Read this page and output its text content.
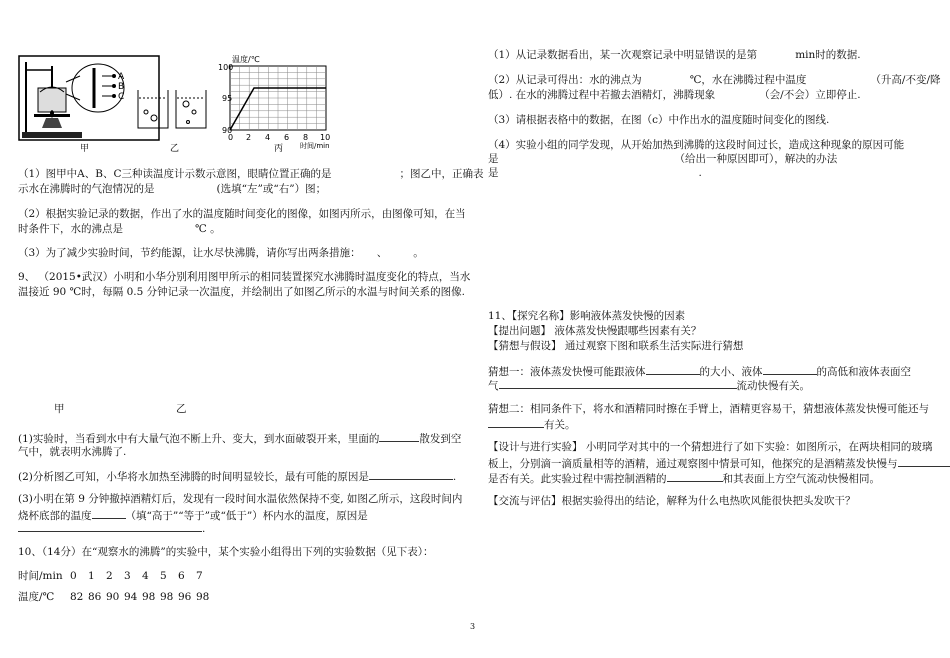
A
B
C
温度/℃
100
95
90
0 2 4 6 8 10
时间/min
甲	乙	丙
（1）图甲中A、B、C三种读温度计示数示意图，眼睛位置正确的是	；图乙中，正确表
示水在沸腾时的气泡情况的是	(选填“左”或“右”）图；
（2）根据实验记录的数据，作出了水的温度随时间变化的图像，如图丙所示，由图像可知，在当
时条件下，水的沸点是	℃ 。
（3）为了减少实验时间，节约能源，让水尽快沸腾，请你写出两条措施： 、 。
9、 （2015•武汉）小明和小华分别利用图甲所示的相同装置探究水沸腾时温度变化的特点，当水
温接近 90 ℃时，每隔 0.5 分钟记录一次温度，并绘制出了如图乙所示的水温与时间关系的图像.
甲	乙
(1)实验时，当看到水中有大量气泡不断上升、变大，到水面破裂开来，里面的	散发到空
气中，就表明水沸腾了.
(2)分析图乙可知，小华将水加热至沸腾的时间明显较长，最有可能的原因是	.
(3)小明在第 9 分钟撤掉酒精灯后，发现有一段时间水温依然保持不变, 如图乙所示，这段时间内
烧杯底部的温度	（填“高于”“等于”或“低于”）杯内水的温度，原因是
.
10、（14分）在“观察水的沸腾”的实验中，某个实验小组得出下列的实验数据（见下表）：
时间/min	0	1	2	3	4	5	6	7
温度/℃	82	86	90	94	98	98	96	98
（1）从记录数据看出，某一次观察记录中明显错误的是第	min时的数据.
（2）从记录可得出：水的沸点为	℃，水在沸腾过程中温度	（升高/不变/降
低）. 在水的沸腾过程中若撤去酒精灯，沸腾现象	（会/不会）立即停止.
（3）请根据表格中的数据，在图（c）中作出水的温度随时间变化的图线.
（4）实验小组的同学发现，从开始加热到沸腾的这段时间过长，造成这种现象的原因可能
是	（给出一种原因即可），解决的办法
是	.
11、【探究名称】影响液体蒸发快慢的因素
【提出问题】 液体蒸发快慢跟哪些因素有关？
【猜想与假设】 通过观察下图和联系生活实际进行猜想
猜想一：液体蒸发快慢可能跟液体	的大小、液体	的高低和液体表面空
气	流动快慢有关。
猜想二：相同条件下，将水和酒精同时擦在手臂上，酒精更容易干，猜想液体蒸发快慢可能还与
有关。
【设计与进行实验】 小明同学对其中的一个猜想进行了如下实验：如图所示，在两块相同的玻璃
板上，分别滴一滴质量相等的酒精，通过观察图中情景可知，他探究的是酒精蒸发快慢与
是否有关。此实验过程中需控制酒精的	和其表面上方空气流动快慢相同。
【交流与评估】根据实验得出的结论，解释为什么电热吹风能很快把头发吹干？
3
